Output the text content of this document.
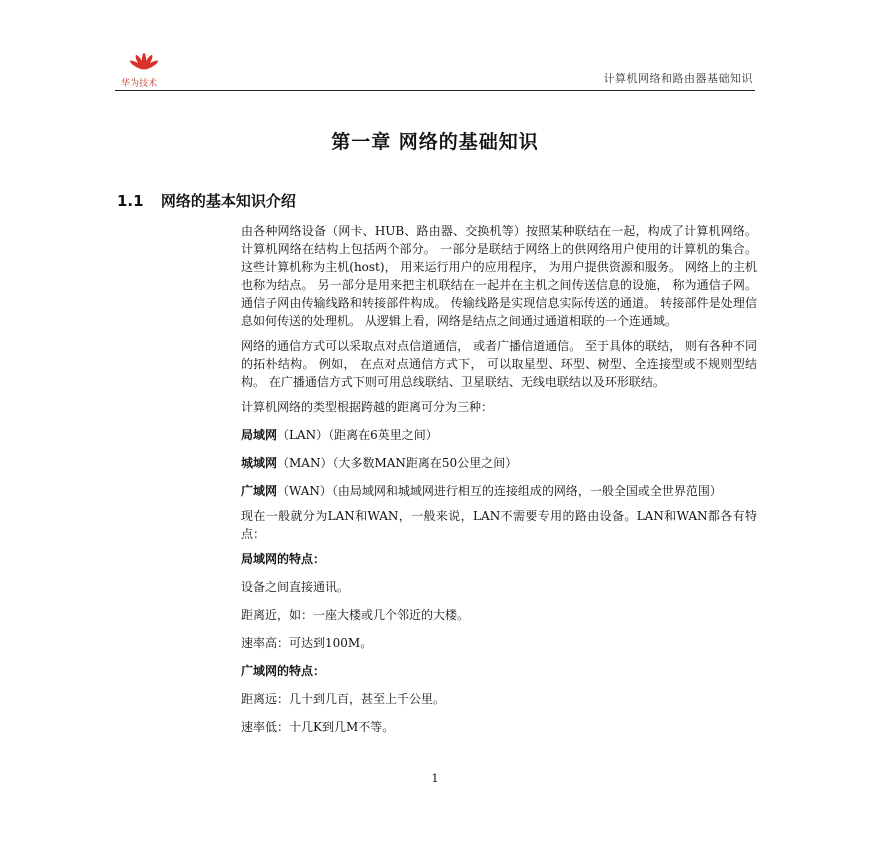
华为技术	计算机网络和路由器基础知识
第一章 网络的基础知识
1.1 网络的基本知识介绍

由各种网络设备（网卡、HUB、路由器、交换机等）按照某种联结在一起，构成了计算机网络。 计算机网络在结构上包括两个部分。 一部分是联结于网络上的供网络用户使用的计算机的集合。 这些计算机称为主机(host)， 用来运行用户的应用程序， 为用户提供资源和服务。 网络上的主机也称为结点。 另一部分是用来把主机联结在一起并在主机之间传送信息的设施， 称为通信子网。 通信子网由传输线路和转接部件构成。 传输线路是实现信息实际传送的通道。 转接部件是处理信息如何传送的处理机。 从逻辑上看，网络是结点之间通过通道相联的一个连通域。

网络的通信方式可以采取点对点信道通信， 或者广播信道通信。 至于具体的联结， 则有各种不同的拓朴结构。 例如， 在点对点通信方式下， 可以取星型、环型、树型、全连接型或不规则型结构。 在广播通信方式下则可用总线联结、卫星联结、无线电联结以及环形联结。

计算机网络的类型根据跨越的距离可分为三种：

局域网（LAN）（距离在6英里之间）

城域网（MAN）（大多数MAN距离在50公里之间）

广域网（WAN）（由局域网和城域网进行相互的连接组成的网络，一般全国或全世界范围）

现在一般就分为LAN和WAN，一般来说，LAN不需要专用的路由设备。LAN和WAN都各有特点：

局域网的特点：

设备之间直接通讯。

距离近，如：一座大楼或几个邻近的大楼。

速率高：可达到100M。

广域网的特点：

距离远：几十到几百，甚至上千公里。

速率低：十几K到几M不等。

1
